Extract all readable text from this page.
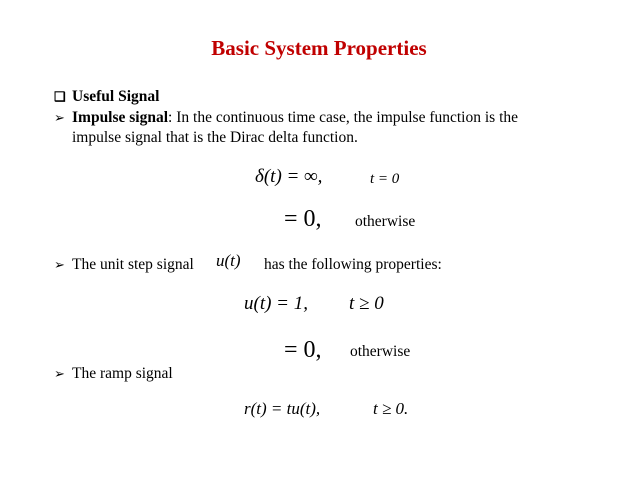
Basic System Properties
❑ Useful Signal
➢ Impulse signal: In the continuous time case, the impulse function is the
impulse signal that is the Dirac delta function.
δ(t) = ∞,	t = 0
= 0, otherwise
➢ The unit step signal u(t) has the following properties:
u(t) = 1, t ≥ 0
= 0, otherwise
➢ The ramp signal
r(t) = tu(t),	t ≥ 0.
